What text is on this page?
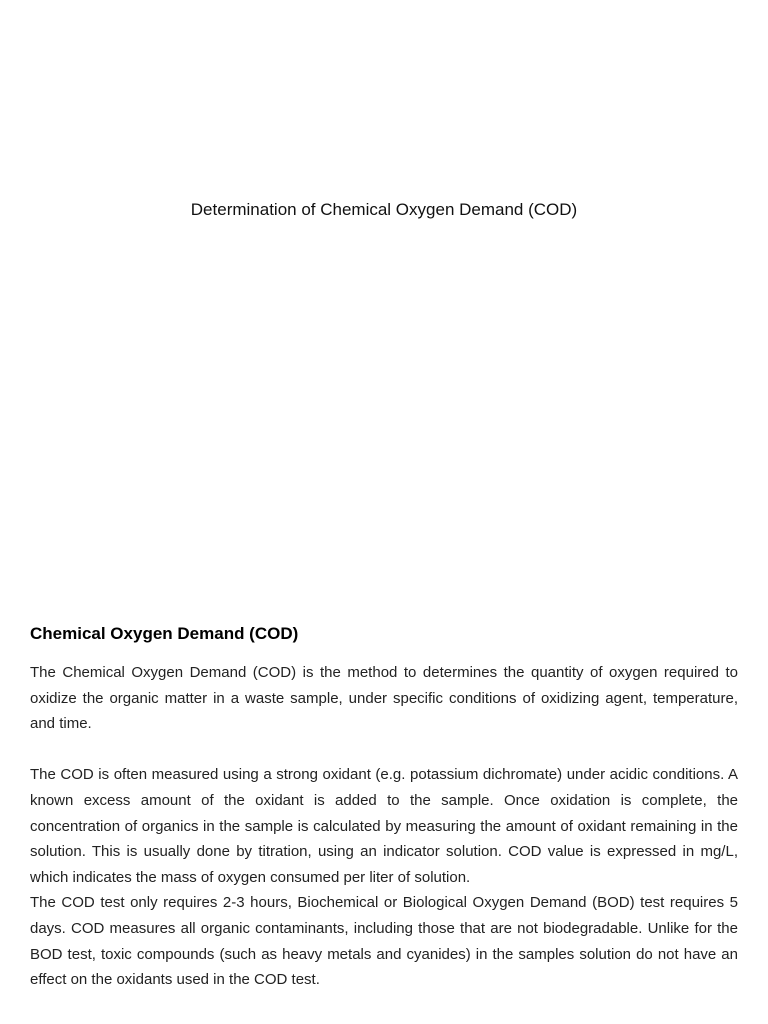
Determination of Chemical Oxygen Demand (COD)
Chemical Oxygen Demand (COD)

The Chemical Oxygen Demand (COD) is the method to determines the quantity of oxygen required to oxidize the organic matter in a waste sample, under specific conditions of oxidizing agent, temperature, and time.

The COD is often measured using a strong oxidant (e.g. potassium dichromate) under acidic conditions. A known excess amount of the oxidant is added to the sample. Once oxidation is complete, the concentration of organics in the sample is calculated by measuring the amount of oxidant remaining in the solution. This is usually done by titration, using an indicator solution. COD value is expressed in mg/L, which indicates the mass of oxygen consumed per liter of solution.

The COD test only requires 2-3 hours, Biochemical or Biological Oxygen Demand (BOD) test requires 5 days. COD measures all organic contaminants, including those that are not biodegradable. Unlike for the BOD test, toxic compounds (such as heavy metals and cyanides) in the samples solution do not have an effect on the oxidants used in the COD test.
